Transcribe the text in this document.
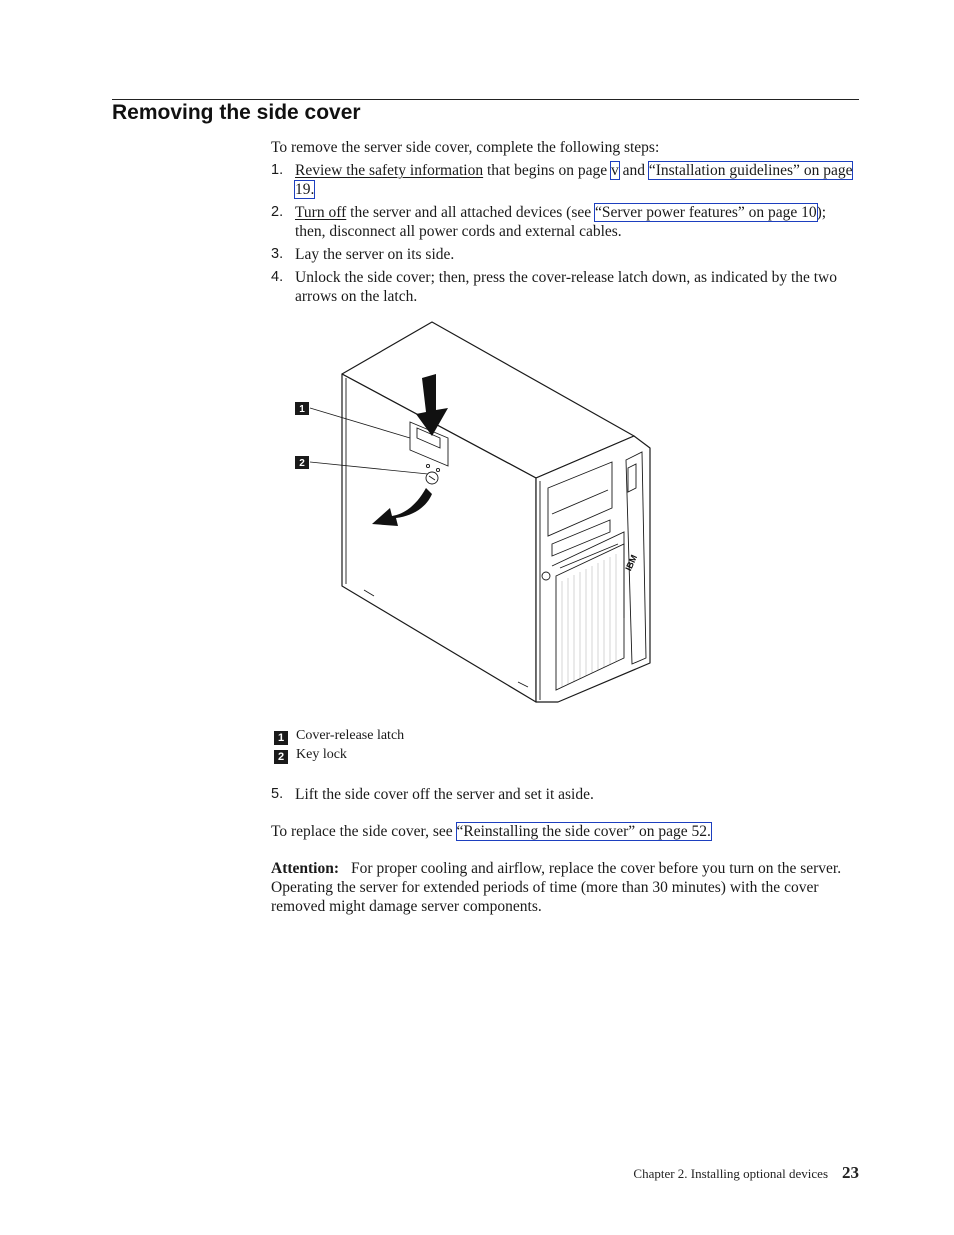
Removing the side cover
To remove the server side cover, complete the following steps:
1. Review the safety information that begins on page v and “Installation guidelines” on page 19.
2. Turn off the server and all attached devices (see “Server power features” on page 10); then, disconnect all power cords and external cables.
3. Lay the server on its side.
4. Unlock the side cover; then, press the cover-release latch down, as indicated by the two arrows on the latch.
1
2
IBM
1 Cover-release latch
2 Key lock
5. Lift the side cover off the server and set it aside.
To replace the side cover, see “Reinstalling the side cover” on page 52.
Attention: For proper cooling and airflow, replace the cover before you turn on the server. Operating the server for extended periods of time (more than 30 minutes) with the cover removed might damage server components.
Chapter 2. Installing optional devices 23
